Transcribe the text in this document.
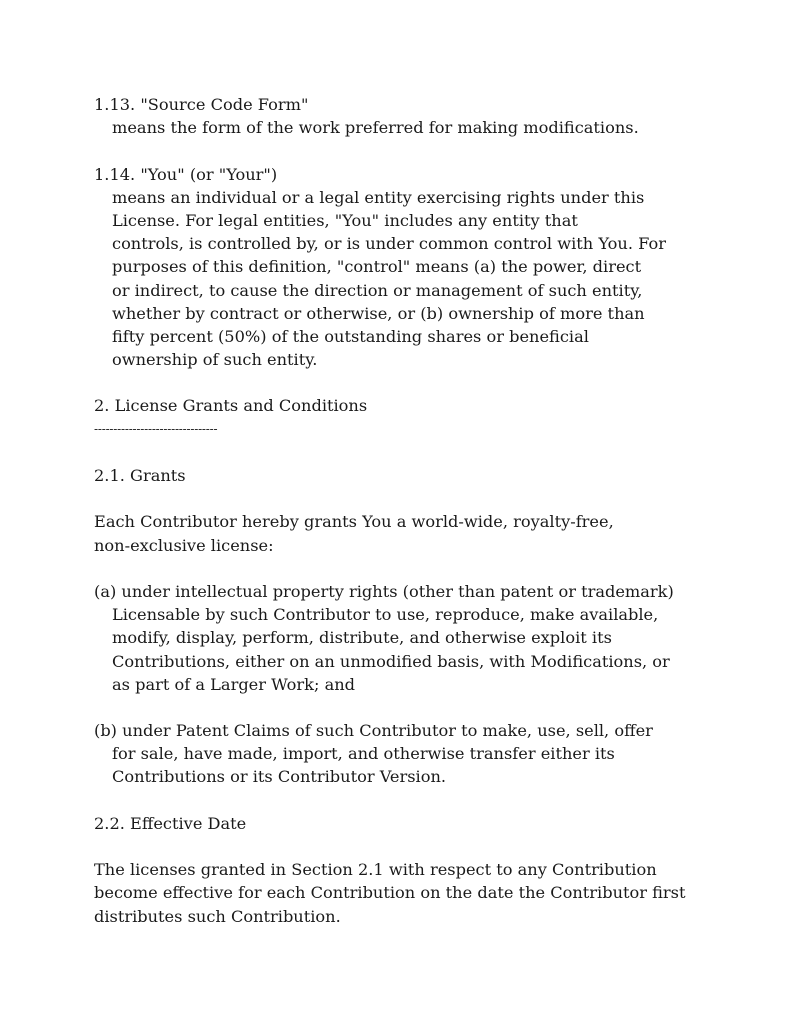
1.13. "Source Code Form"
means the form of the work preferred for making modifications.
1.14. "You" (or "Your")
means an individual or a legal entity exercising rights under this
License. For legal entities, "You" includes any entity that
controls, is controlled by, or is under common control with You. For
purposes of this definition, "control" means (a) the power, direct
or indirect, to cause the direction or management of such entity,
whether by contract or otherwise, or (b) ownership of more than
fifty percent (50%) of the outstanding shares or beneficial
ownership of such entity.
2. License Grants and Conditions
--------------------------------
2.1. Grants
Each Contributor hereby grants You a world-wide, royalty-free,
non-exclusive license:
(a) under intellectual property rights (other than patent or trademark)
Licensable by such Contributor to use, reproduce, make available,
modify, display, perform, distribute, and otherwise exploit its
Contributions, either on an unmodified basis, with Modifications, or
as part of a Larger Work; and
(b) under Patent Claims of such Contributor to make, use, sell, offer
for sale, have made, import, and otherwise transfer either its
Contributions or its Contributor Version.
2.2. Effective Date
The licenses granted in Section 2.1 with respect to any Contribution
become effective for each Contribution on the date the Contributor first
distributes such Contribution.
